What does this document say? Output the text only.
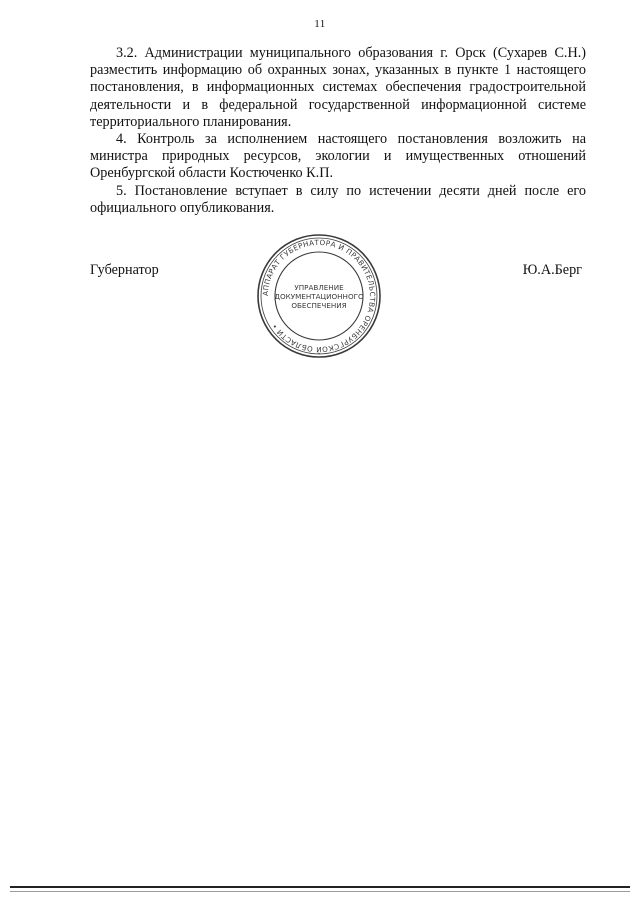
11

3.2. Администрации муниципального образования г. Орск (Сухарев С.Н.) разместить информацию об охранных зонах, указанных в пункте 1 настоящего постановления, в информационных системах обеспечения градостроительной деятельности и в федеральной государственной информационной системе территориального планирования.

4. Контроль за исполнением настоящего постановления возложить на министра природных ресурсов, экологии и имущественных отношений Оренбургской области Костюченко К.П.

5. Постановление вступает в силу по истечении десяти дней после его официального опубликования.

АППАРАТ ГУБЕРНАТОРА И ПРАВИТЕЛЬСТВА ОРЕНБУРГСКОЙ ОБЛАСТИ •
УПРАВЛЕНИЕ
ДОКУМЕНТАЦИОННОГО
ОБЕСПЕЧЕНИЯ
Губернатор	Ю.А.Берг
